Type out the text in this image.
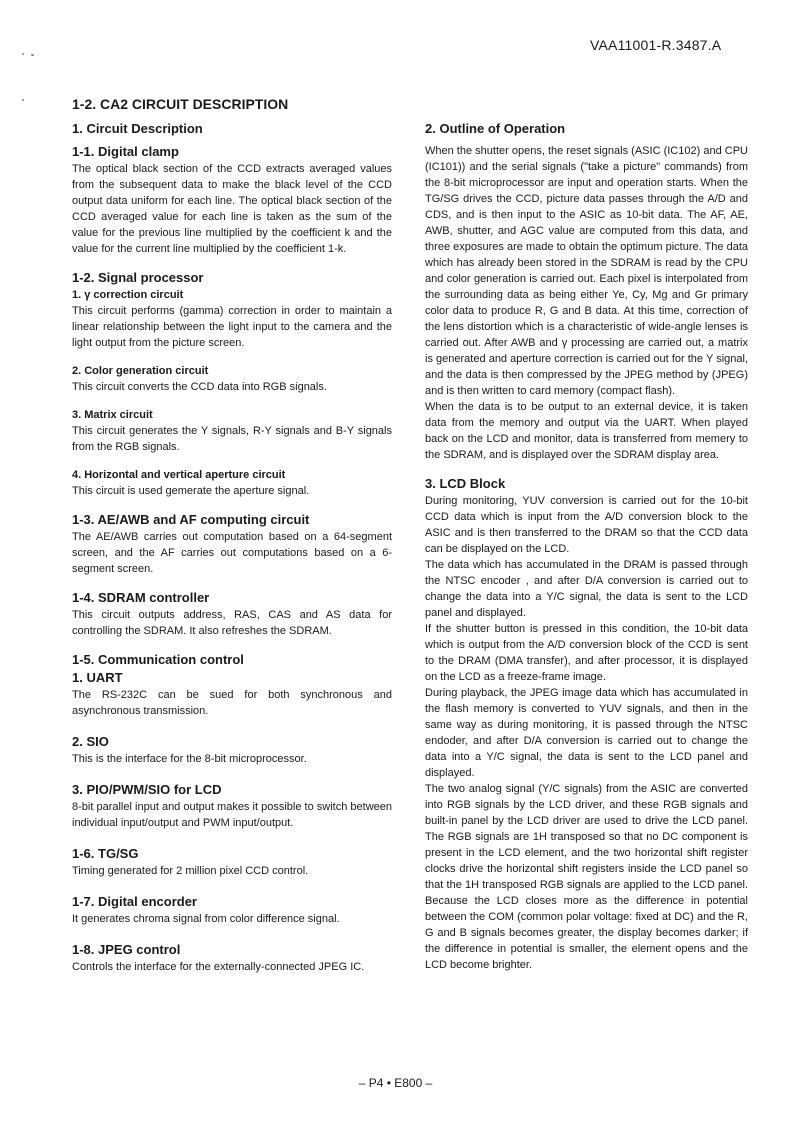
VAA11001-R.3487.A
1-2. CA2 CIRCUIT DESCRIPTION
1. Circuit Description
1-1. Digital clamp

The optical black section of the CCD extracts averaged values from the subsequent data to make the black level of the CCD output data uniform for each line. The optical black section of the CCD averaged value for each line is taken as the sum of the value for the previous line multiplied by the coefficient k and the value for the current line multiplied by the coefficient 1-k.

1-2. Signal processor
1. γ correction circuit

This circuit performs (gamma) correction in order to maintain a linear relationship between the light input to the camera and the light output from the picture screen.

2. Color generation circuit

This circuit converts the CCD data into RGB signals.

3. Matrix circuit

This circuit generates the Y signals, R-Y signals and B-Y signals from the RGB signals.

4. Horizontal and vertical aperture circuit

This circuit is used gemerate the aperture signal.

1-3. AE/AWB and AF computing circuit

The AE/AWB carries out computation based on a 64-segment screen, and the AF carries out computations based on a 6-segment screen.

1-4. SDRAM controller

This circuit outputs address, RAS, CAS and AS data for controlling the SDRAM. It also refreshes the SDRAM.

1-5. Communication control
1. UART

The RS-232C can be sued for both synchronous and asynchronous transmission.

2. SIO

This is the interface for the 8-bit microprocessor.

3. PIO/PWM/SIO for LCD

8-bit parallel input and output makes it possible to switch between individual input/output and PWM input/output.

1-6. TG/SG

Timing generated for 2 million pixel CCD control.

1-7. Digital encorder

It generates chroma signal from color difference signal.

1-8. JPEG control

Controls the interface for the externally-connected JPEG IC.

2. Outline of Operation

When the shutter opens, the reset signals (ASIC (IC102) and CPU (IC101)) and the serial signals ("take a picture" commands) from the 8-bit microprocessor are input and operation starts. When the TG/SG drives the CCD, picture data passes through the A/D and CDS, and is then input to the ASIC as 10-bit data. The AF, AE, AWB, shutter, and AGC value are computed from this data, and three exposures are made to obtain the optimum picture. The data which has already been stored in the SDRAM is read by the CPU and color generation is carried out. Each pixel is interpolated from the surrounding data as being either Ye, Cy, Mg and Gr primary color data to produce R, G and B data. At this time, correction of the lens distortion which is a characteristic of wide-angle lenses is carried out. After AWB and γ processing are carried out, a matrix is generated and aperture correction is carried out for the Y signal, and the data is then compressed by the JPEG method by (JPEG) and is then written to card memory (compact flash).

When the data is to be output to an external device, it is taken data from the memory and output via the UART. When played back on the LCD and monitor, data is transferred from memery to the SDRAM, and is displayed over the SDRAM display area.

3. LCD Block

During monitoring, YUV conversion is carried out for the 10-bit CCD data which is input from the A/D conversion block to the ASIC and is then transferred to the DRAM so that the CCD data can be displayed on the LCD.

The data which has accumulated in the DRAM is passed through the NTSC encoder , and after D/A conversion is carried out to change the data into a Y/C signal, the data is sent to the LCD panel and displayed.

If the shutter button is pressed in this condition, the 10-bit data which is output from the A/D conversion block of the CCD is sent to the DRAM (DMA transfer), and after processor, it is displayed on the LCD as a freeze-frame image.

During playback, the JPEG image data which has accumulated in the flash memory is converted to YUV signals, and then in the same way as during monitoring, it is passed through the NTSC endoder, and after D/A conversion is carried out to change the data into a Y/C signal, the data is sent to the LCD panel and displayed.

The two analog signal (Y/C signals) from the ASIC are converted into RGB signals by the LCD driver, and these RGB signals and built-in panel by the LCD driver are used to drive the LCD panel. The RGB signals are 1H transposed so that no DC component is present in the LCD element, and the two horizontal shift register clocks drive the horizontal shift registers inside the LCD panel so that the 1H transposed RGB signals are applied to the LCD panel. Because the LCD closes more as the difference in potential between the COM (common polar voltage: fixed at DC) and the R, G and B signals becomes greater, the display becomes darker; if the difference in potential is smaller, the element opens and the LCD become brighter.

– P4 • E800 –
